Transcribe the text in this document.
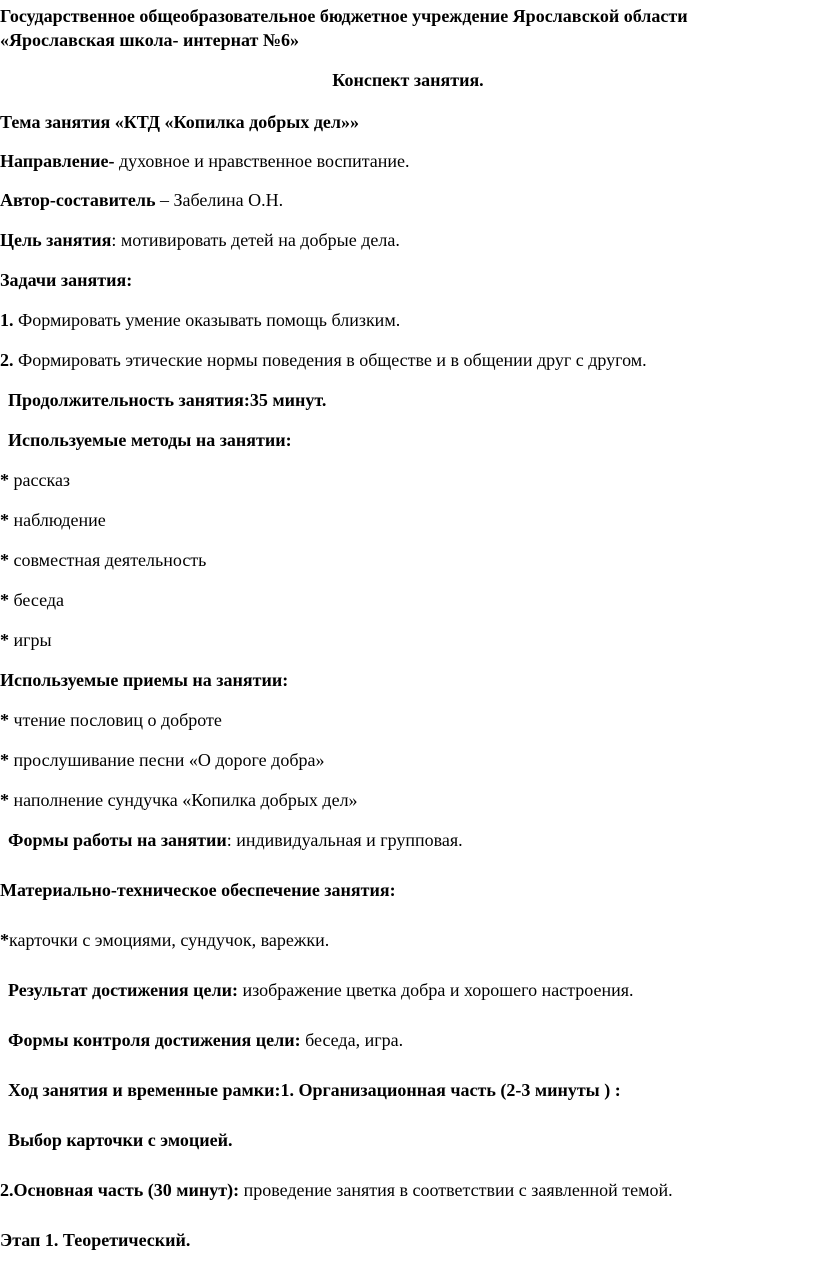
Государственное общеобразовательное бюджетное учреждение Ярославской области
«Ярославская школа- интернат №6»
Конспект занятия.
Тема занятия «КТД «Копилка добрых дел»»
Направление- духовное и нравственное воспитание.
Автор-составитель – Забелина О.Н.
Цель занятия: мотивировать детей на добрые дела.
Задачи занятия:
1. Формировать умение оказывать помощь близким.
2. Формировать этические нормы поведения в обществе и в общении друг с другом.
Продолжительность занятия:35 минут.
Используемые методы на занятии:
* рассказ
* наблюдение
* совместная деятельность
* беседа
* игры
Используемые приемы на занятии:
* чтение пословиц о доброте
* прослушивание песни «О дороге добра»
* наполнение сундучка «Копилка добрых дел»
Формы работы на занятии: индивидуальная и групповая.
Материально-техническое обеспечение занятия:
*карточки с эмоциями, сундучок, варежки.
Результат достижения цели: изображение цветка добра и хорошего настроения.
Формы контроля достижения цели: беседа, игра.
Ход занятия и временные рамки:1. Организационная часть (2-3 минуты ) :
Выбор карточки с эмоцией.
2.Основная часть (30 минут): проведение занятия в соответствии с заявленной темой.
Этап 1. Теоретический.
